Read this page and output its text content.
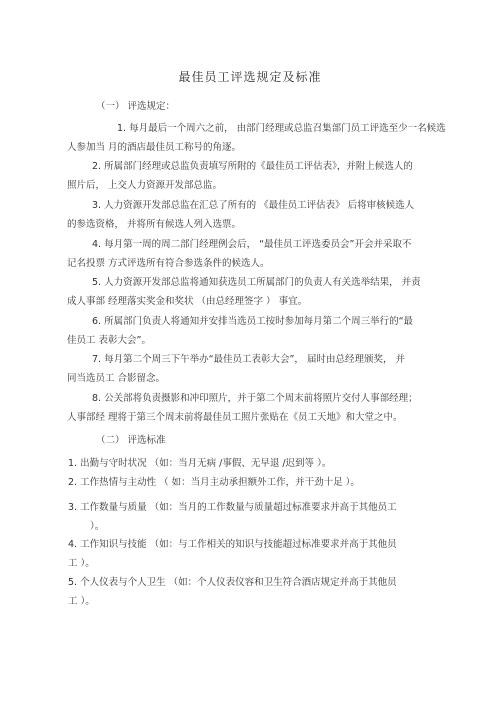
最佳员工评选规定及标准
（一） 评选规定：
1. 每月最后一个周六之前， 由部门经理或总监召集部门员工评选至少一名候选
人参加当 月的酒店最佳员工称号的角逐。
2. 所属部门经理或总监负责填写所附的《最佳员工评估表》，并附上候选人的
照片后， 上交人力资源开发部总监。
3. 人力资源开发部总监在汇总了所有的 《最佳员工评估表》 后将审核候选人
的参选资格， 并将所有候选人列入选票。
4. 每月第一周的周二部门经理例会后， “最佳员工评选委员会”开会并采取不
记名投票 方式评选所有符合参选条件的候选人。
5. 人力资源开发部总监将通知获选员工所属部门的负责人有关选举结果， 并责
成人事部 经理落实奖金和奖状 （由总经理签字 ） 事宜。
6. 所属部门负责人将通知并安排当选员工按时参加每月第二个周三举行的“最
佳员工 表彰大会”。
7. 每月第二个周三下午举办“最佳员工表彰大会”， 届时由总经理颁奖， 并
同当选员工 合影留念。
8. 公关部将负责摄影和冲印照片，并于第二个周末前将照片交付人事部经理；
人事部经 理将于第三个周末前将最佳员工照片张贴在《员工天地》和大堂之中。
（二） 评选标准
1. 出勤与守时状况 （如：当月无病 /事假、无早退 /迟到等 ）。
2. 工作热情与主动性 （ 如：当月主动承担额外工作，并干劲十足 ）。
3. 工作数量与质量 （如：当月的工作数量与质量超过标准要求并高于其他员工
）。
4. 工作知识与技能 （如：与工作相关的知识与技能超过标准要求并高于其他员
工 ）。
5. 个人仪表与个人卫生 （如：个人仪表仪容和卫生符合酒店规定并高于其他员
工 ）。
